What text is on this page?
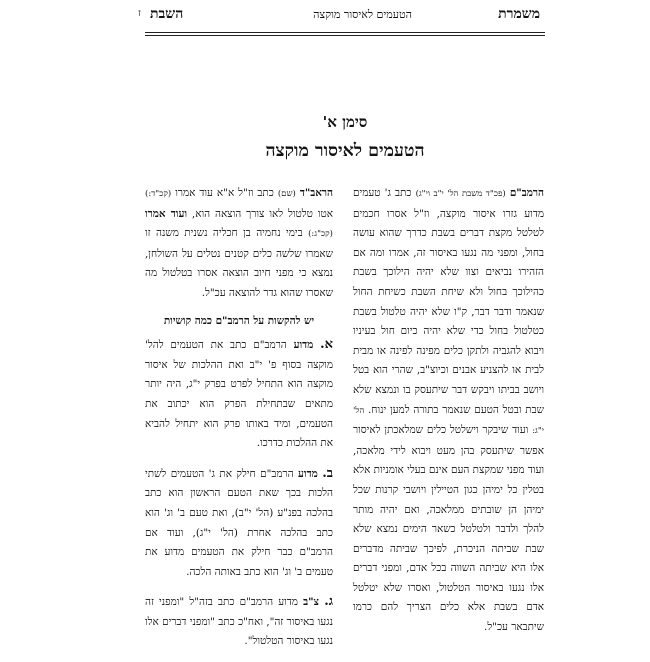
משמרת
הטעמים לאיסור מוקצה
השבת
ז
סימן א'
הטעמים לאיסור מוקצה

הרמב"ם (פכ"ד משבת הל' י"ב וי"ג) כתב ג' טעמים מדוע גזרו איסור מוקצה, וז"ל אסרו חכמים לטלטל מקצת דברים בשבת כדרך שהוא עושה בחול, ומפני מה נגעו באיסור זה, אמרו ומה אם הזהירו נביאים וצוו שלא יהיה הילוכך בשבת כהילוכך בחול ולא שיחת השבת כשיחת החול שנאמר ודבר דבר, ק"ו שלא יהיה טלטול בשבת כטלטול בחול כדי שלא יהיה כיום חול בעיניו ויבוא להגביה ולתקן כלים מפינה לפינה או מבית לבית או להצניע אבנים וכיוצ"ב, שהרי הוא בטל ויושב בביתו ויבקש דבר שיתעסק בו ונמצא שלא שבת ובטל הטעם שנאמר בתורה למען ינוח. הל' י"ג: ועוד שיבקר וישלטל כלים שמלאכתן לאיסור אפשר שיתעסק בהן מעט ויבוא לידי מלאכה, ועוד מפני שמקצת העם אינם בעלי אומניות אלא בטלין כל ימיהן כגון הטיילין ויושבי קרנות שכל ימיהן הן שובתים ממלאכה, ואם יהיה מותר להלך ולדבר ולטלטל כשאר הימים נמצא שלא שבת שביתה הניכרת, לפיכך שביתה מדברים אלו היא שביתה השווה בכל אדם, ומפני דברים אלו נגעו באיסור הטלטול, ואסרו שלא יטלטל אדם בשבת אלא כלים הצריך להם כרמו שיתבאר עכ"ל.

הראב"ד (שם) כתב וז"ל א"א עוד אמרו (קכ"ד:) אטו טלטול לאו צורך הוצאה הוא, ועוד אמרו (קכ"ג:) בימי נחמיה בן חכליה נשנית משנה זו שאמרו שלשה כלים קטנים נטלים על השולחן, נמצא כי מפני חיוב הוצאה אסרו בטלטול מה שאסרו שהוא גדר להוצאה עכ"ל.

יש להקשות על הרמב"ם כמה קושיות

א. מדוע הרמב"ם כתב את הטעמים להל' מוקצה בסוף פ' י"ב ואת ההלכות של איסור מוקצה הוא התחיל לפרט בפרק י"ג, היה יותר מתאים שבתחילת הפרק הוא יכתוב את הטעמים, ומיד באותו פרק הוא יתחיל להביא את ההלכות כדרכו.

ב. מדוע הרמב"ם חילק את ג' הטעמים לשתי הלכות בכך שאת הטעם הראשון הוא כתב בהלכה בפנ"ע (הל' י"ב), ואת טעם ב' וג' הוא כתב בהלכה אחרת (הל' י"ג), ועוד אם הרמב"ם כבר חילק את הטעמים מדוע את טעמים ב' וג' הוא כתב באותה הלכה.

ג. צ"ב מדוע הרמב"ם כתב בזה"ל "ומפני זה נגעו באיסור זה", ואח"כ כתב "ומפני דברים אלו נגעו באיסור הטלטול".
